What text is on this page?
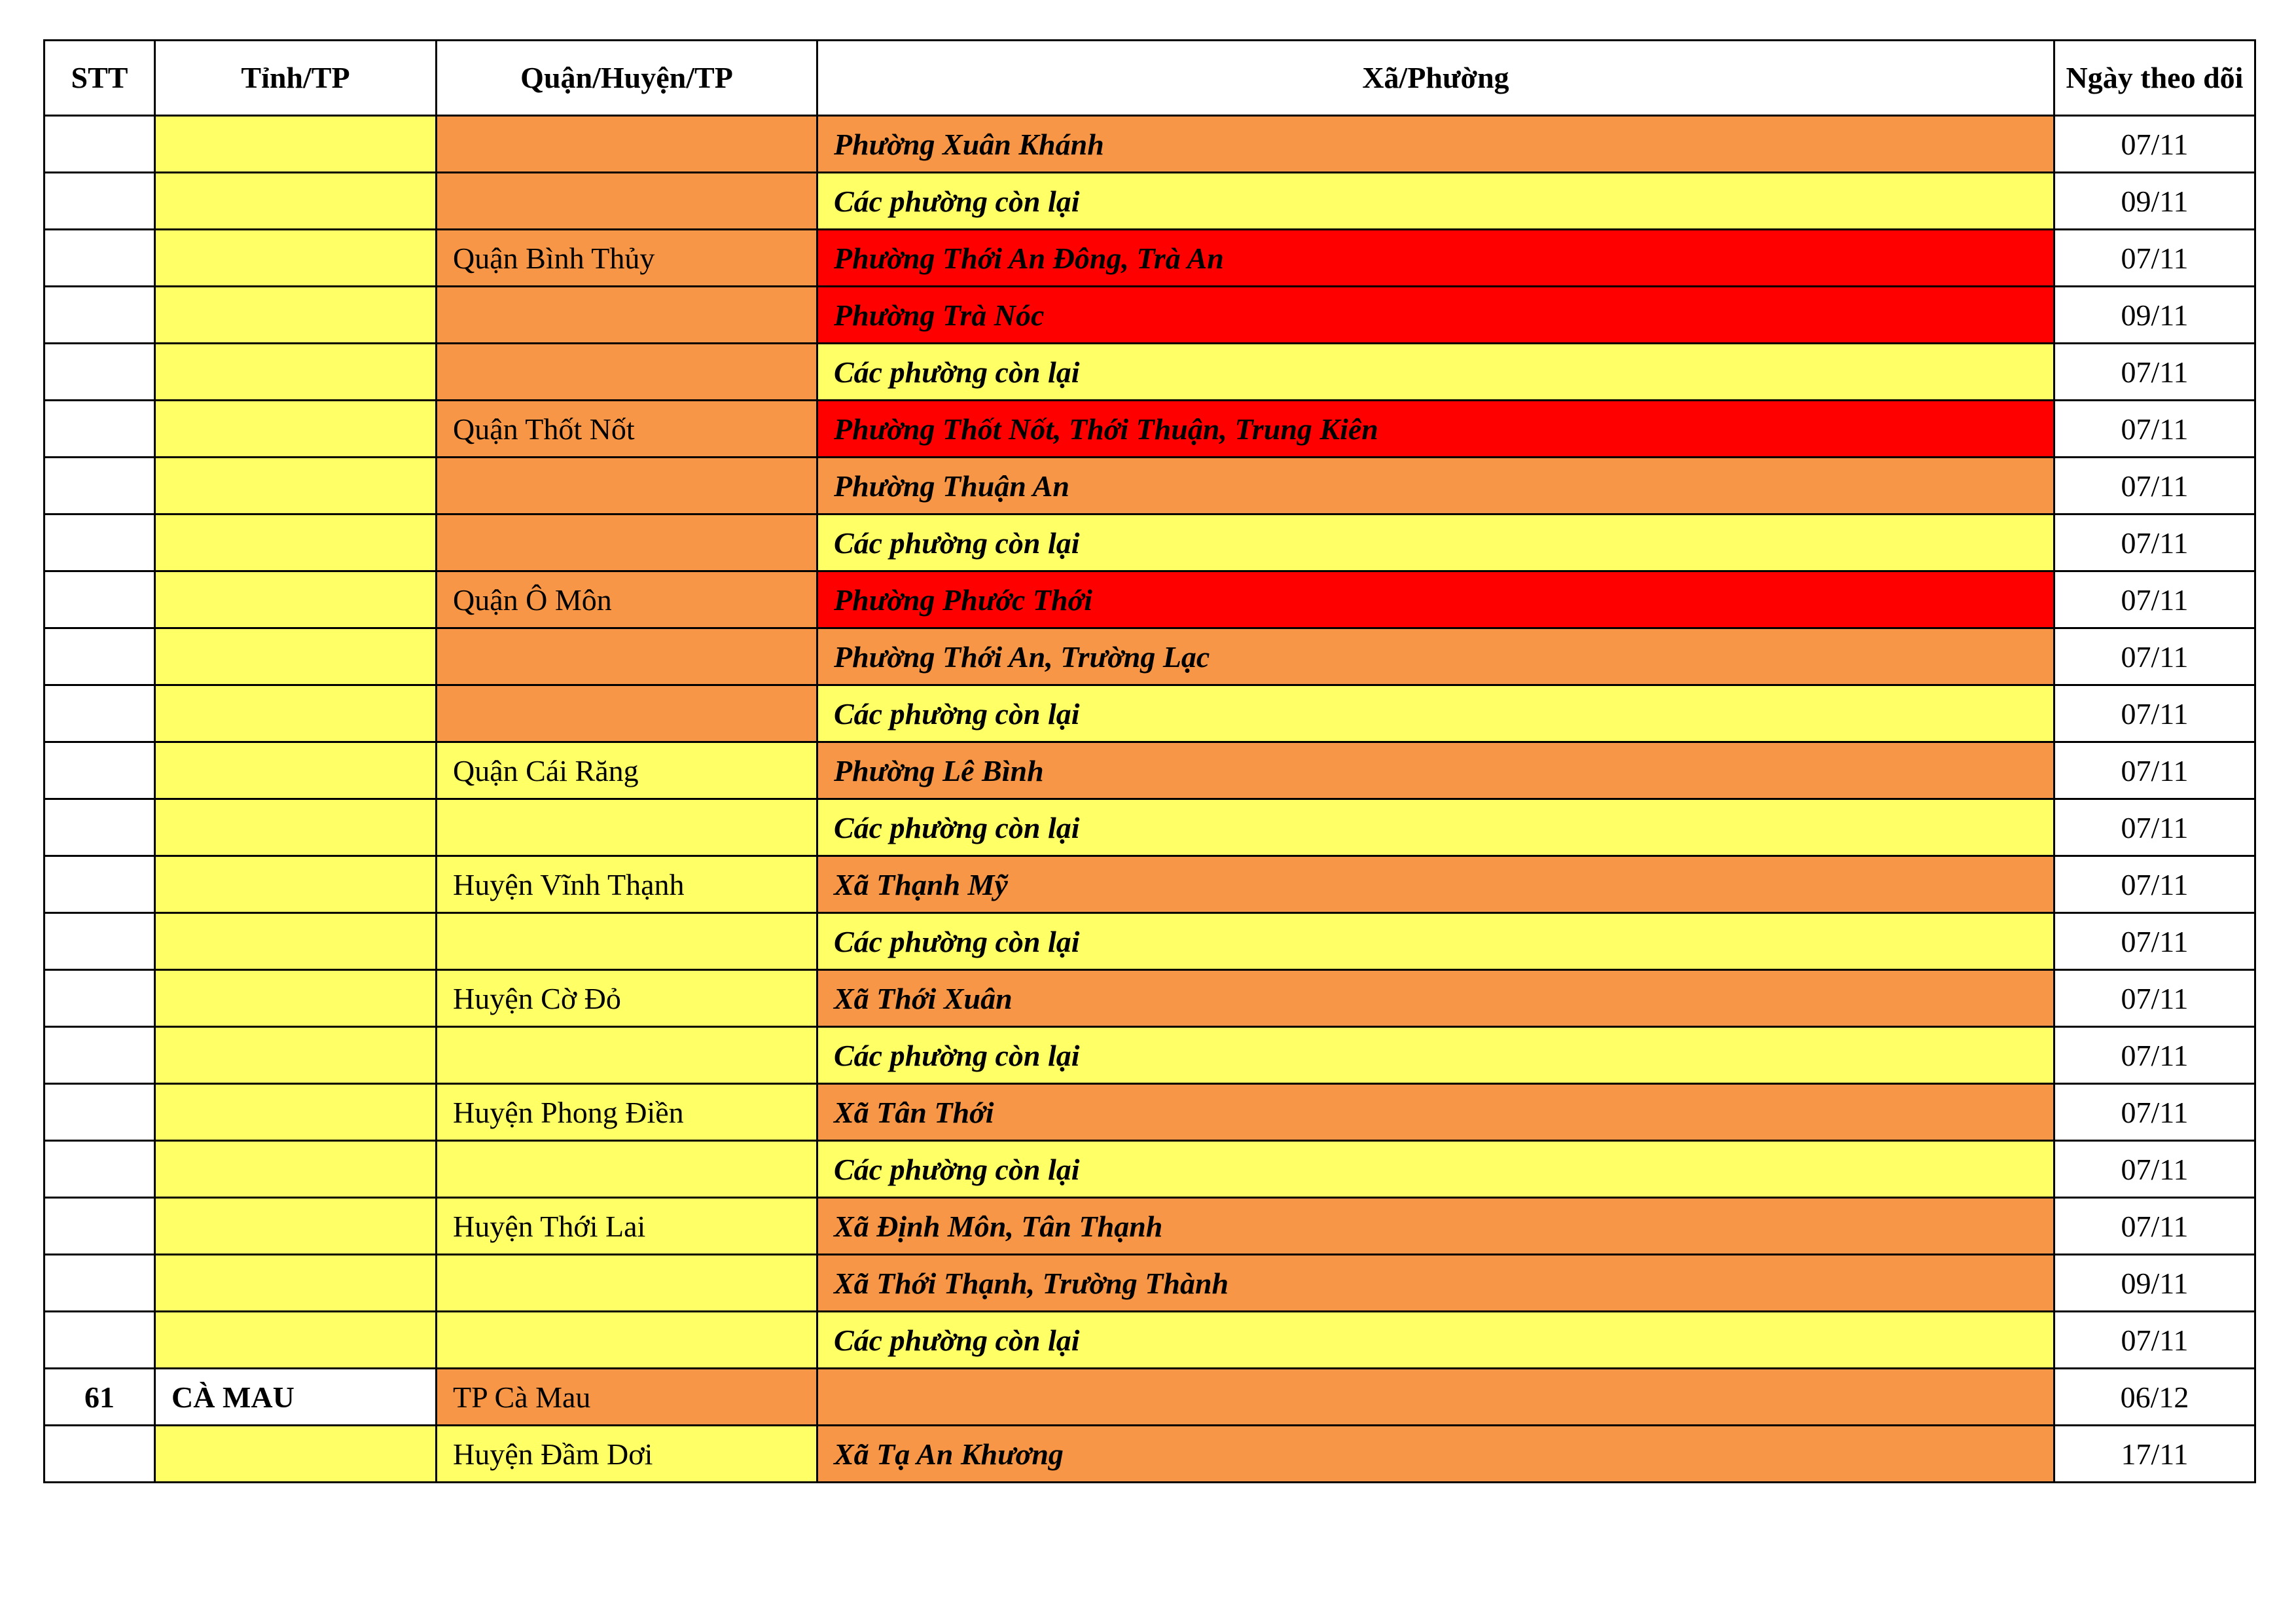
STT	Tỉnh/TP	Quận/Huyện/TP	Xã/Phường	Ngày theo dõi
			Phường Xuân Khánh	07/11
			Các phường còn lại	09/11
		Quận Bình Thủy	Phường Thới An Đông, Trà An	07/11
			Phường Trà Nóc	09/11
			Các phường còn lại	07/11
		Quận Thốt Nốt	Phường Thốt Nốt, Thới Thuận, Trung Kiên	07/11
			Phường Thuận An	07/11
			Các phường còn lại	07/11
		Quận Ô Môn	Phường Phước Thới	07/11
			Phường Thới An, Trường Lạc	07/11
			Các phường còn lại	07/11
		Quận Cái Răng	Phường Lê Bình	07/11
			Các phường còn lại	07/11
		Huyện Vĩnh Thạnh	Xã Thạnh Mỹ	07/11
			Các phường còn lại	07/11
		Huyện Cờ Đỏ	Xã Thới Xuân	07/11
			Các phường còn lại	07/11
		Huyện Phong Điền	Xã Tân Thới	07/11
			Các phường còn lại	07/11
		Huyện Thới Lai	Xã Định Môn, Tân Thạnh	07/11
			Xã Thới Thạnh, Trường Thành	09/11
			Các phường còn lại	07/11
61	CÀ MAU	TP Cà Mau		06/12
		Huyện Đầm Dơi	Xã Tạ An Khương	17/11
